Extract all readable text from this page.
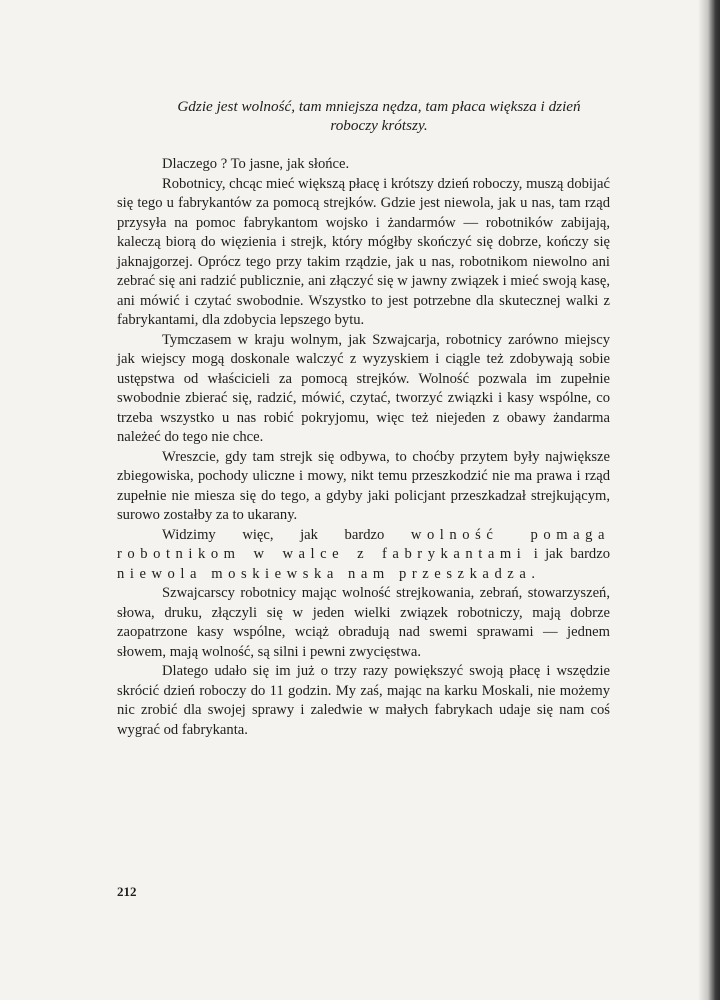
Gdzie jest wolność, tam mniejsza nędza, tam płaca większa i dzień
roboczy krótszy.

Dlaczego ? To jasne, jak słońce.

Robotnicy, chcąc mieć większą płacę i krótszy dzień roboczy, muszą dobijać się tego u fabrykantów za pomocą strejków. Gdzie jest niewola, jak u nas, tam rząd przysyła na pomoc fabrykantom wojsko i żandarmów — robotników zabijają, kaleczą biorą do więzienia i strejk, który mógłby skończyć się dobrze, kończy się jaknajgorzej. Oprócz tego przy takim rządzie, jak u nas, robotnikom niewolno ani zebrać się ani radzić publicznie, ani złączyć się w jawny związek i mieć swoją kasę, ani mówić i czytać swobodnie. Wszystko to jest potrzebne dla skutecznej walki z fabrykantami, dla zdobycia lepszego bytu.

Tymczasem w kraju wolnym, jak Szwajcarja, robotnicy zarówno miejscy jak wiejscy mogą doskonale walczyć z wyzyskiem i ciągle też zdobywają sobie ustępstwa od właścicieli za pomocą strejków. Wolność pozwala im zupełnie swobodnie zbierać się, radzić, mówić, czytać, tworzyć związki i kasy wspólne, co trzeba wszystko u nas robić pokryjomu, więc też niejeden z obawy żandarma należeć do tego nie chce.

Wreszcie, gdy tam strejk się odbywa, to choćby przytem były największe zbiegowiska, pochody uliczne i mowy, nikt temu przeszkodzić nie ma prawa i rząd zupełnie nie miesza się do tego, a gdyby jaki policjant przeszkadzał strejkującym, surowo zostałby za to ukarany.

Widzimy więc, jak bardzo wolność pomaga robotnikom w walce z fabrykantami i jak bardzo niewola moskiewska nam przeszkadza.

Szwajcarscy robotnicy mając wolność strejkowania, zebrań, stowarzyszeń, słowa, druku, złączyli się w jeden wielki związek robotniczy, mają dobrze zaopatrzone kasy wspólne, wciąż obradują nad swemi sprawami — jednem słowem, mają wolność, są silni i pewni zwycięstwa.

Dlatego udało się im już o trzy razy powiększyć swoją płacę i wszędzie skrócić dzień roboczy do 11 godzin. My zaś, mając na karku Moskali, nie możemy nic zrobić dla swojej sprawy i zaledwie w małych fabrykach udaje się nam coś wygrać od fabrykanta.

212
